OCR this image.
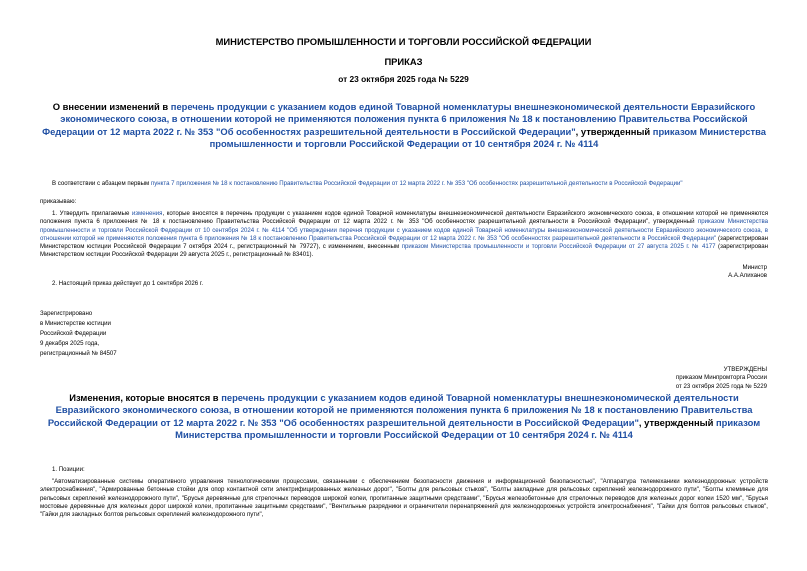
МИНИСТЕРСТВО ПРОМЫШЛЕННОСТИ И ТОРГОВЛИ РОССИЙСКОЙ ФЕДЕРАЦИИ
ПРИКАЗ
от 23 октября 2025 года № 5229
О внесении изменений в перечень продукции с указанием кодов единой Товарной номенклатуры внешнеэкономической деятельности Евразийского экономического союза, в отношении которой не применяются положения пункта 6 приложения № 18 к постановлению Правительства Российской Федерации от 12 марта 2022 г. № 353 "Об особенностях разрешительной деятельности в Российской Федерации", утвержденный приказом Министерства промышленности и торговли Российской Федерации от 10 сентября 2024 г. № 4114
В соответствии с абзацем первым пункта 7 приложения № 18 к постановлению Правительства Российской Федерации от 12 марта 2022 г. № 353 "Об особенностях разрешительной деятельности в Российской Федерации"
приказываю:
1. Утвердить прилагаемые изменения, которые вносятся в перечень продукции с указанием кодов единой Товарной номенклатуры внешнеэкономической деятельности Евразийского экономического союза, в отношении которой не применяются положения пункта 6 приложения № 18 к постановлению Правительства Российской Федерации от 12 марта 2022 г. № 353 "Об особенностях разрешительной деятельности в Российской Федерации", утвержденный приказом Министерства промышленности и торговли Российской Федерации от 10 сентября 2024 г. № 4114 "Об утверждении перечня продукции с указанием кодов единой Товарной номенклатуры внешнеэкономической деятельности Евразийского экономического союза, в отношении которой не применяются положения пункта 6 приложения № 18 к постановлению Правительства Российской Федерации от 12 марта 2022 г. № 353 "Об особенностях разрешительной деятельности в Российской Федерации" (зарегистрирован Министерством юстиции Российской Федерации 7 октября 2024 г., регистрационный № 79727), с изменением, внесенным приказом Министерства промышленности и торговли Российской Федерации от 27 августа 2025 г. № 4177 (зарегистрирован Министерством юстиции Российской Федерации 29 августа 2025 г., регистрационный № 83401).
2. Настоящий приказ действует до 1 сентября 2026 г.
Министр
А.А.Алиханов
Зарегистрировано
в Министерстве юстиции
Российской Федерации
9 декабря 2025 года,
регистрационный № 84507
УТВЕРЖДЕНЫ
приказом Минпромторга России
от 23 октября 2025 года № 5229
Изменения, которые вносятся в перечень продукции с указанием кодов единой Товарной номенклатуры внешнеэкономической деятельности Евразийского экономического союза, в отношении которой не применяются положения пункта 6 приложения № 18 к постановлению Правительства Российской Федерации от 12 марта 2022 г. № 353 "Об особенностях разрешительной деятельности в Российской Федерации", утвержденный приказом Министерства промышленности и торговли Российской Федерации от 10 сентября 2024 г. № 4114
1. Позиции:
"Автоматизированные системы оперативного управления технологическими процессами, связанными с обеспечением безопасности движения и информационной безопасностью", "Аппаратура телемеханики железнодорожных устройств электроснабжения", "Армированные бетонные стойки для опор контактной сети электрифицированных железных дорог", "Болты для рельсовых стыков", "Болты закладные для рельсовых скреплений железнодорожного пути", "Болты клеммные для рельсовых скреплений железнодорожного пути", "Брусья деревянные для стрелочных переводов широкой колеи, пропитанные защитными средствами", "Брусья железобетонные для стрелочных переводов для железных дорог колеи 1520 мм", "Брусья мостовые деревянные для железных дорог широкой колеи, пропитанные защитными средствами", "Вентильные разрядники и ограничители перенапряжений для железнодорожных устройств электроснабжения", "Гайки для болтов рельсовых стыков", "Гайки для закладных болтов рельсовых скреплений железнодорожного пути",
